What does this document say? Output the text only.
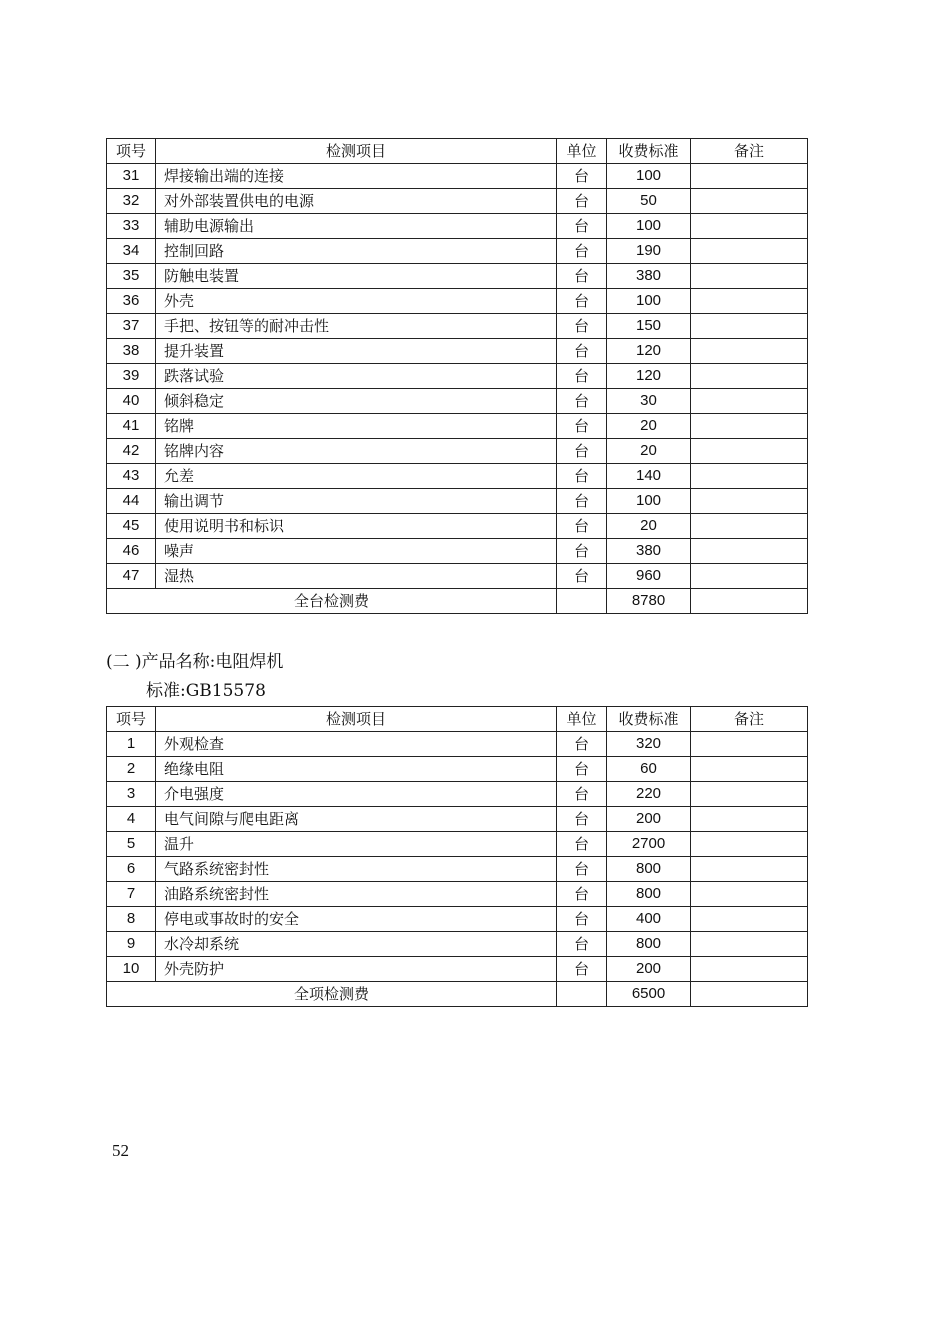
项号	检测项目	单位	收费标准	备注
31	焊接输出端的连接	台	100	
32	对外部装置供电的电源	台	50	
33	辅助电源输出	台	100	
34	控制回路	台	190	
35	防触电装置	台	380	
36	外壳	台	100	
37	手把、按钮等的耐冲击性	台	150	
38	提升装置	台	120	
39	跌落试验	台	120	
40	倾斜稳定	台	30	
41	铭牌	台	20	
42	铭牌内容	台	20	
43	允差	台	140	
44	输出调节	台	100	
45	使用说明书和标识	台	20	
46	噪声	台	380	
47	湿热	台	960	
全台检测费			8780	
(二 )产品名称:电阻焊机
标准:GB15578
项号	检测项目	单位	收费标准	备注
1	外观检查	台	320	
2	绝缘电阻	台	60	
3	介电强度	台	220	
4	电气间隙与爬电距离	台	200	
5	温升	台	2700	
6	气路系统密封性	台	800	
7	油路系统密封性	台	800	
8	停电或事故时的安全	台	400	
9	水冷却系统	台	800	
10	外壳防护	台	200	
全项检测费			6500	
52
